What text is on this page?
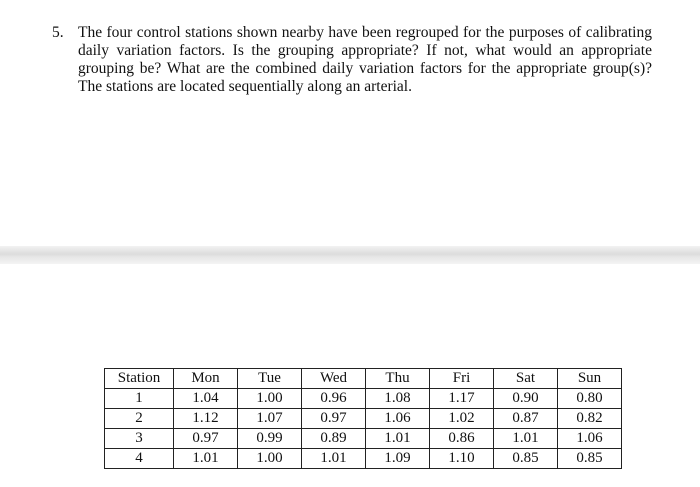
5. The four control stations shown nearby have been regrouped for the purposes of calibrating daily variation factors. Is the grouping appropriate? If not, what would an appropriate grouping be? What are the combined daily variation factors for the appropriate group(s)? The stations are located sequentially along an arterial.
Station	Mon	Tue	Wed	Thu	Fri	Sat	Sun
1	1.04	1.00	0.96	1.08	1.17	0.90	0.80
2	1.12	1.07	0.97	1.06	1.02	0.87	0.82
3	0.97	0.99	0.89	1.01	0.86	1.01	1.06
4	1.01	1.00	1.01	1.09	1.10	0.85	0.85
